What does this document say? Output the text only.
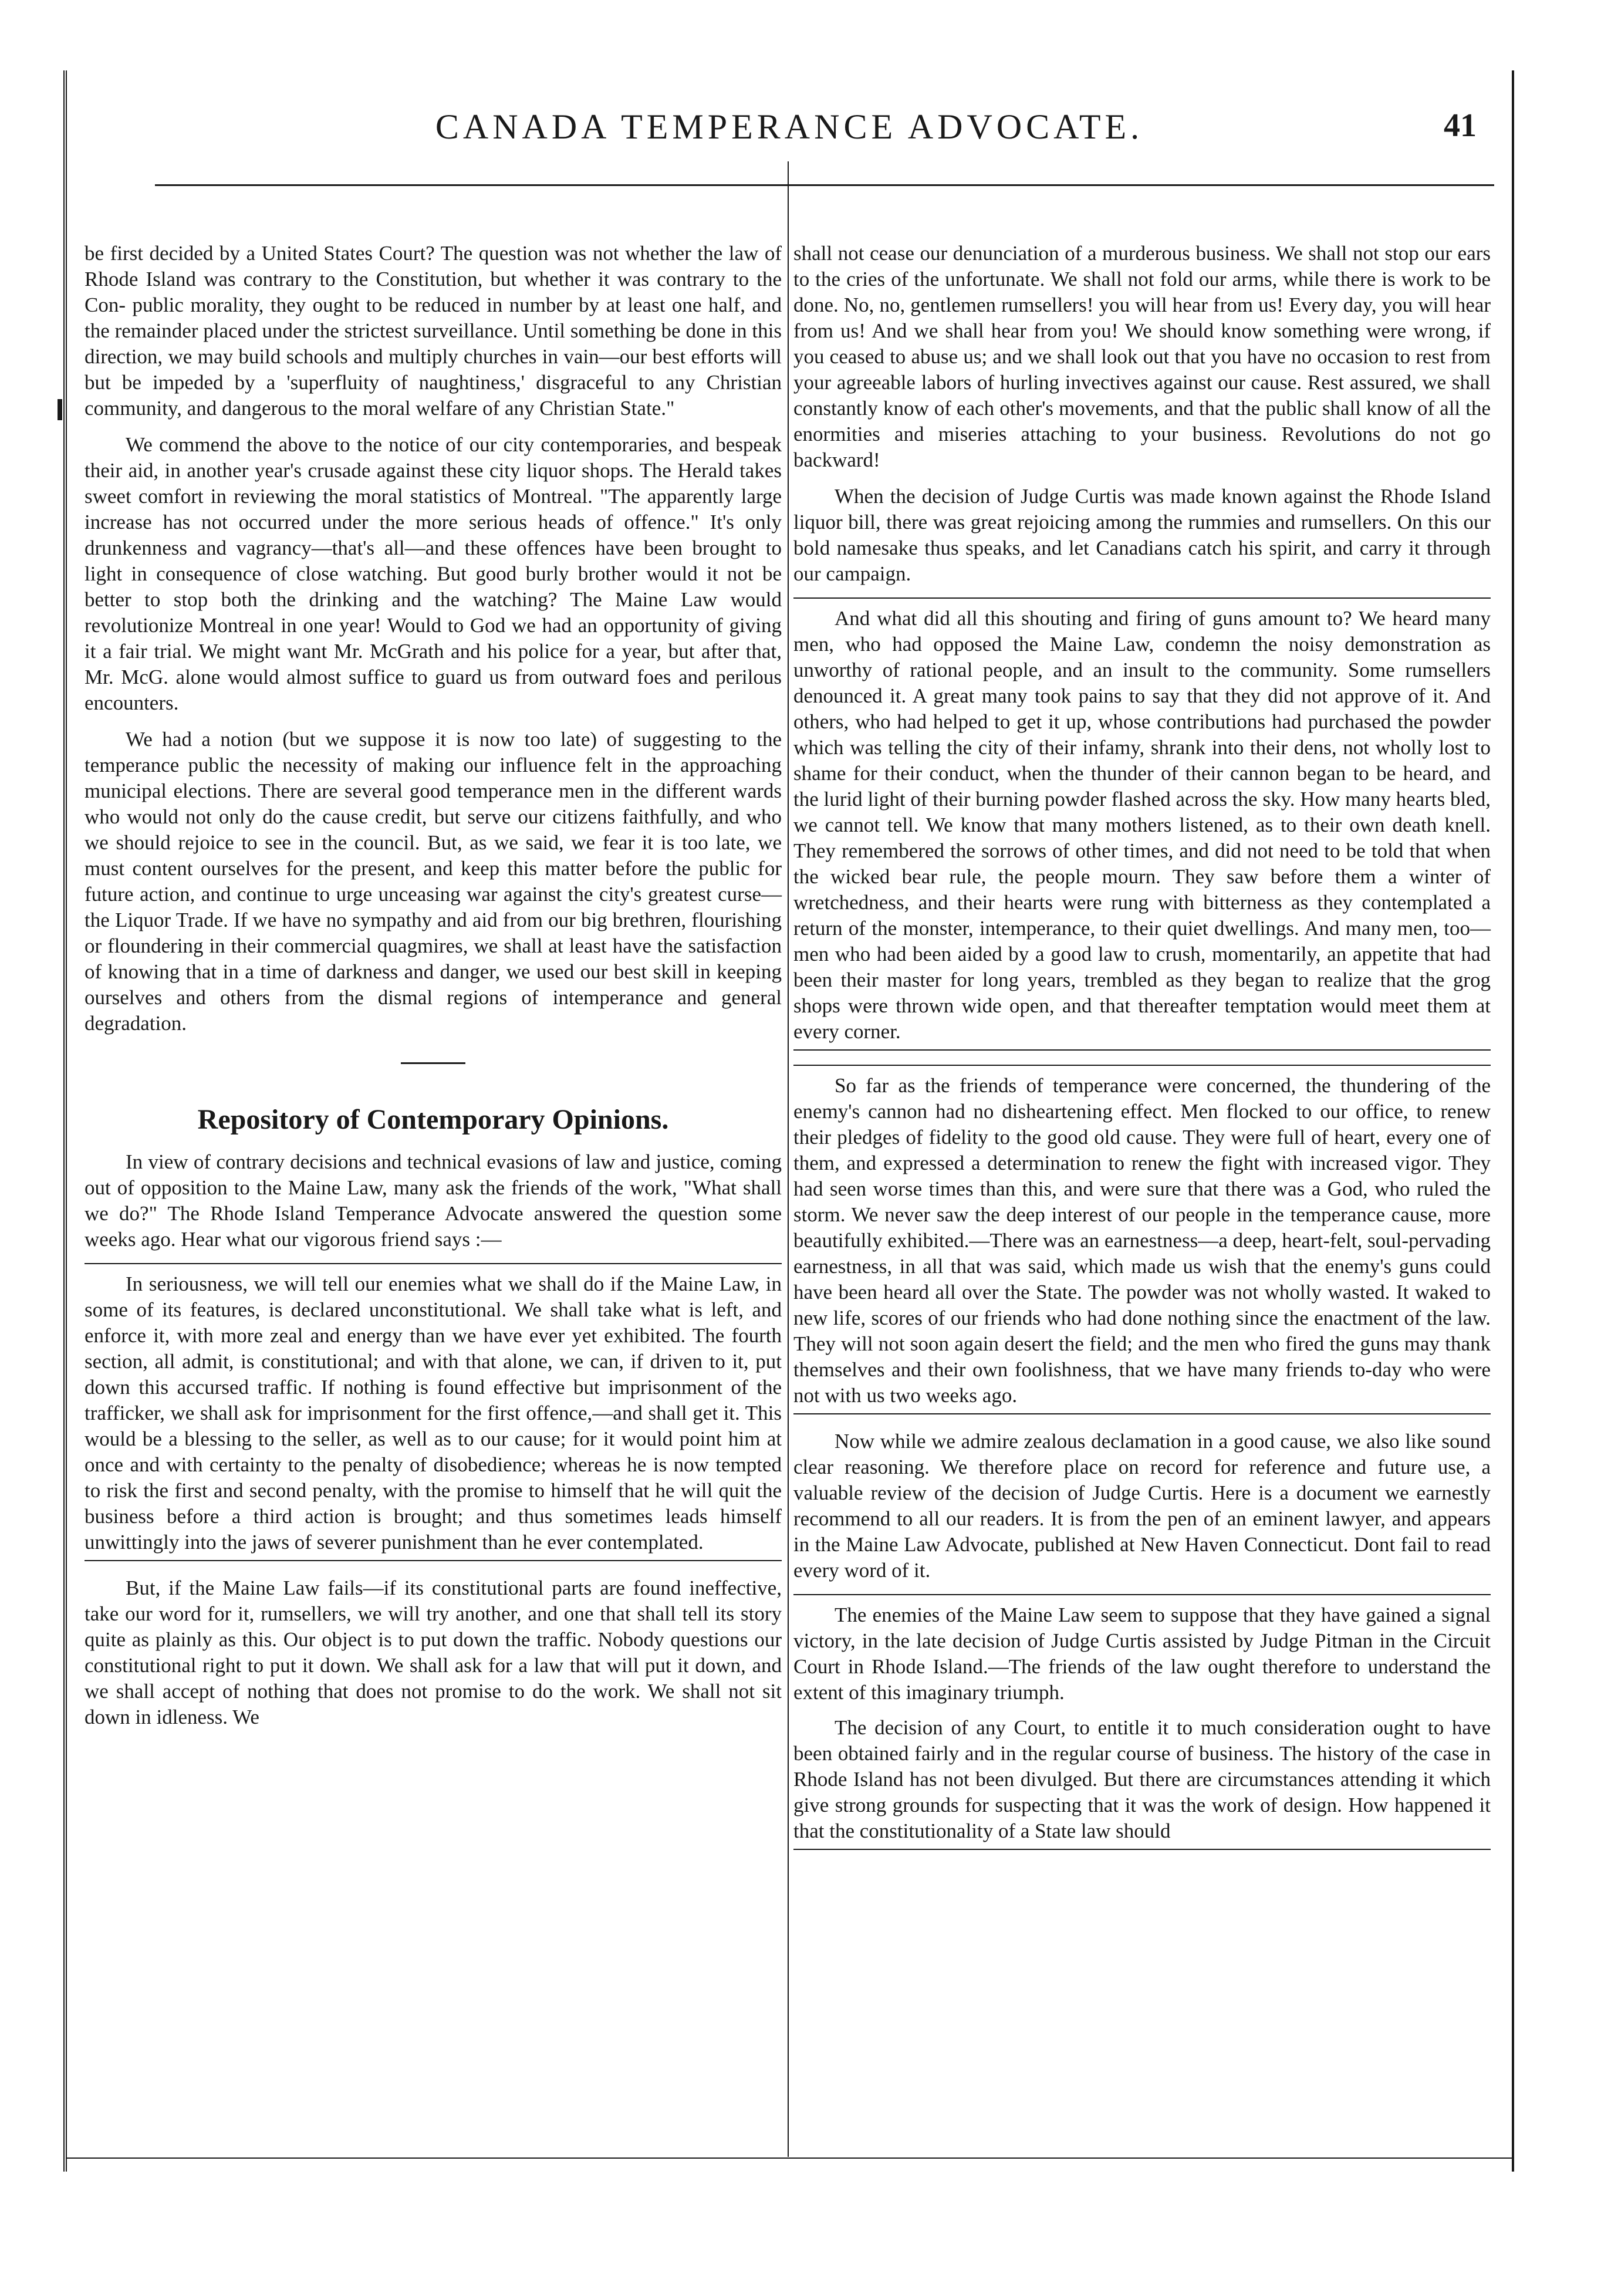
CANADA TEMPERANCE ADVOCATE.	41

be first decided by a United States Court? The question was not whether the law of Rhode Island was contrary to the Constitution, but whether it was contrary to the Con- public morality, they ought to be reduced in number by at least one half, and the remainder placed under the strictest surveillance. Until something be done in this direction, we may build schools and multiply churches in vain—our best efforts will but be impeded by a 'superfluity of naughtiness,' disgraceful to any Christian community, and dangerous to the moral welfare of any Christian State."

We commend the above to the notice of our city contemporaries, and bespeak their aid, in another year's crusade against these city liquor shops. The Herald takes sweet comfort in reviewing the moral statistics of Montreal. "The apparently large increase has not occurred under the more serious heads of offence." It's only drunkenness and vagrancy—that's all—and these offences have been brought to light in consequence of close watching. But good burly brother would it not be better to stop both the drinking and the watching? The Maine Law would revolutionize Montreal in one year! Would to God we had an opportunity of giving it a fair trial. We might want Mr. McGrath and his police for a year, but after that, Mr. McG. alone would almost suffice to guard us from outward foes and perilous encounters.

We had a notion (but we suppose it is now too late) of suggesting to the temperance public the necessity of making our influence felt in the approaching municipal elections. There are several good temperance men in the different wards who would not only do the cause credit, but serve our citizens faithfully, and who we should rejoice to see in the council. But, as we said, we fear it is too late, we must content ourselves for the present, and keep this matter before the public for future action, and continue to urge unceasing war against the city's greatest curse—the Liquor Trade. If we have no sympathy and aid from our big brethren, flourishing or floundering in their commercial quagmires, we shall at least have the satisfaction of knowing that in a time of darkness and danger, we used our best skill in keeping ourselves and others from the dismal regions of intemperance and general degradation.

Repository of Contemporary Opinions.

In view of contrary decisions and technical evasions of law and justice, coming out of opposition to the Maine Law, many ask the friends of the work, "What shall we do?" The Rhode Island Temperance Advocate answered the question some weeks ago. Hear what our vigorous friend says :—

In seriousness, we will tell our enemies what we shall do if the Maine Law, in some of its features, is declared unconstitutional. We shall take what is left, and enforce it, with more zeal and energy than we have ever yet exhibited. The fourth section, all admit, is constitutional; and with that alone, we can, if driven to it, put down this accursed traffic. If nothing is found effective but imprisonment of the trafficker, we shall ask for imprisonment for the first offence,—and shall get it. This would be a blessing to the seller, as well as to our cause; for it would point him at once and with certainty to the penalty of disobedience; whereas he is now tempted to risk the first and second penalty, with the promise to himself that he will quit the business before a third action is brought; and thus sometimes leads himself unwittingly into the jaws of severer punishment than he ever contemplated.

But, if the Maine Law fails—if its constitutional parts are found ineffective, take our word for it, rumsellers, we will try another, and one that shall tell its story quite as plainly as this. Our object is to put down the traffic. Nobody questions our constitutional right to put it down. We shall ask for a law that will put it down, and we shall accept of nothing that does not promise to do the work. We shall not sit down in idleness. We

shall not cease our denunciation of a murderous business. We shall not stop our ears to the cries of the unfortunate. We shall not fold our arms, while there is work to be done. No, no, gentlemen rumsellers! you will hear from us! Every day, you will hear from us! And we shall hear from you! We should know something were wrong, if you ceased to abuse us; and we shall look out that you have no occasion to rest from your agreeable labors of hurling invectives against our cause. Rest assured, we shall constantly know of each other's movements, and that the public shall know of all the enormities and miseries attaching to your business. Revolutions do not go backward!

When the decision of Judge Curtis was made known against the Rhode Island liquor bill, there was great rejoicing among the rummies and rumsellers. On this our bold namesake thus speaks, and let Canadians catch his spirit, and carry it through our campaign.

And what did all this shouting and firing of guns amount to? We heard many men, who had opposed the Maine Law, condemn the noisy demonstration as unworthy of rational people, and an insult to the community. Some rumsellers denounced it. A great many took pains to say that they did not approve of it. And others, who had helped to get it up, whose contributions had purchased the powder which was telling the city of their infamy, shrank into their dens, not wholly lost to shame for their conduct, when the thunder of their cannon began to be heard, and the lurid light of their burning powder flashed across the sky. How many hearts bled, we cannot tell. We know that many mothers listened, as to their own death knell. They remembered the sorrows of other times, and did not need to be told that when the wicked bear rule, the people mourn. They saw before them a winter of wretchedness, and their hearts were rung with bitterness as they contemplated a return of the monster, intemperance, to their quiet dwellings. And many men, too—men who had been aided by a good law to crush, momentarily, an appetite that had been their master for long years, trembled as they began to realize that the grog shops were thrown wide open, and that thereafter temptation would meet them at every corner.

So far as the friends of temperance were concerned, the thundering of the enemy's cannon had no disheartening effect. Men flocked to our office, to renew their pledges of fidelity to the good old cause. They were full of heart, every one of them, and expressed a determination to renew the fight with increased vigor. They had seen worse times than this, and were sure that there was a God, who ruled the storm. We never saw the deep interest of our people in the temperance cause, more beautifully exhibited.—There was an earnestness—a deep, heart-felt, soul-pervading earnestness, in all that was said, which made us wish that the enemy's guns could have been heard all over the State. The powder was not wholly wasted. It waked to new life, scores of our friends who had done nothing since the enactment of the law. They will not soon again desert the field; and the men who fired the guns may thank themselves and their own foolishness, that we have many friends to-day who were not with us two weeks ago.

Now while we admire zealous declamation in a good cause, we also like sound clear reasoning. We therefore place on record for reference and future use, a valuable review of the decision of Judge Curtis. Here is a document we earnestly recommend to all our readers. It is from the pen of an eminent lawyer, and appears in the Maine Law Advocate, published at New Haven Connecticut. Dont fail to read every word of it.

The enemies of the Maine Law seem to suppose that they have gained a signal victory, in the late decision of Judge Curtis assisted by Judge Pitman in the Circuit Court in Rhode Island.—The friends of the law ought therefore to understand the extent of this imaginary triumph.

The decision of any Court, to entitle it to much consideration ought to have been obtained fairly and in the regular course of business. The history of the case in Rhode Island has not been divulged. But there are circumstances attending it which give strong grounds for suspecting that it was the work of design. How happened it that the constitutionality of a State law should
